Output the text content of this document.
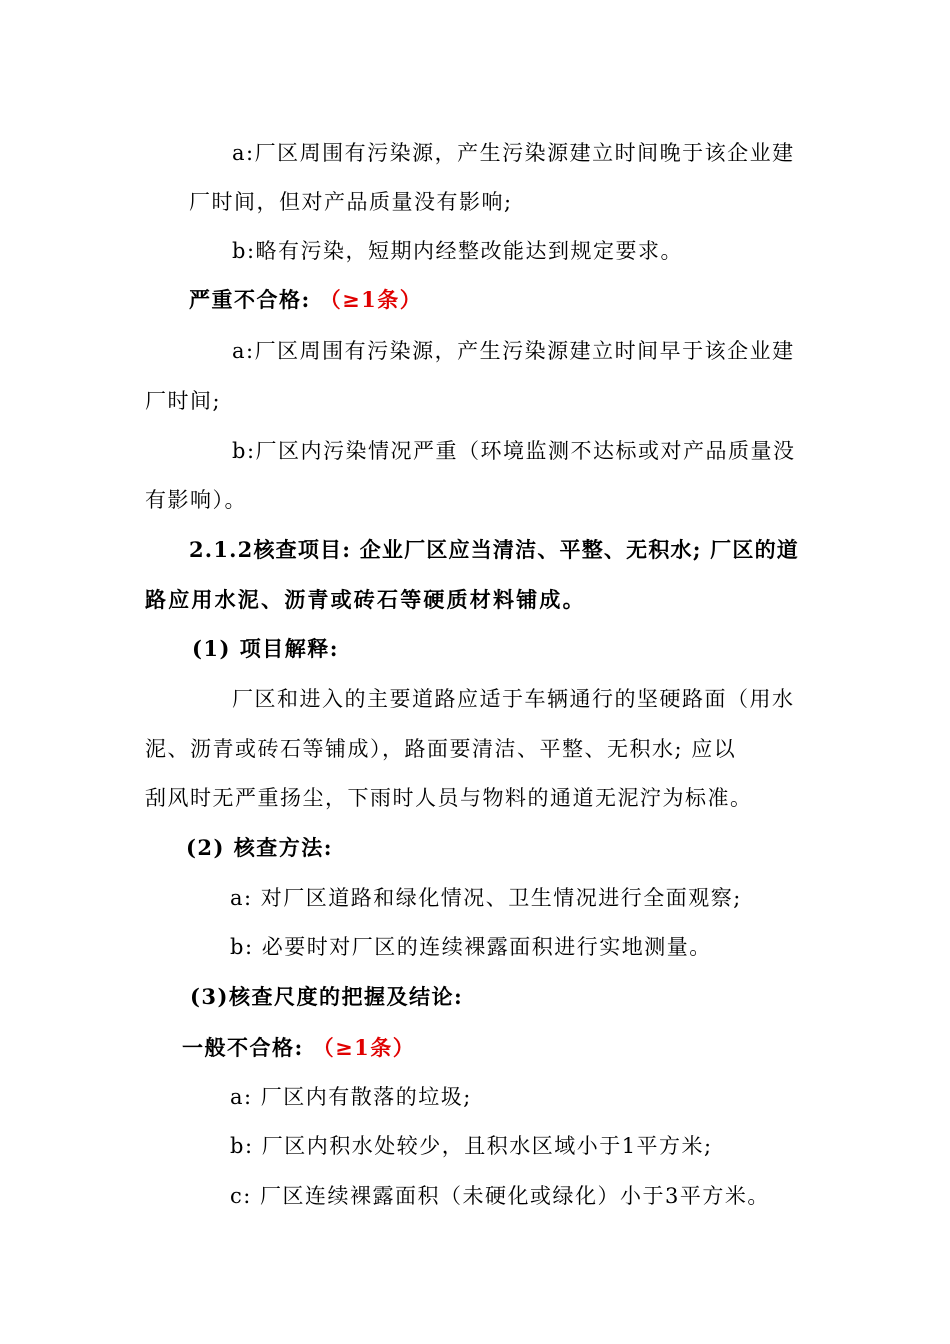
a:厂区周围有污染源，产生污染源建立时间晚于该企业建
厂时间，但对产品质量没有影响;
b:略有污染，短期内经整改能达到规定要求。
严重不合格: （≥1条）
a:厂区周围有污染源，产生污染源建立时间早于该企业建
厂时间;
b:厂区内污染情况严重（环境监测不达标或对产品质量没
有影响）。
2.1.2核查项目: 企业厂区应当清洁、平整、无积水; 厂区的道
路应用水泥、沥青或砖石等硬质材料铺成。
(1) 项目解释:
厂区和进入的主要道路应适于车辆通行的坚硬路面（用水
泥、沥青或砖石等铺成），路面要清洁、平整、无积水; 应以
刮风时无严重扬尘，下雨时人员与物料的通道无泥泞为标准。
(2) 核查方法:
a: 对厂区道路和绿化情况、卫生情况进行全面观察;
b: 必要时对厂区的连续裸露面积进行实地测量。
(3)核查尺度的把握及结论:
一般不合格: （≥1条）
a: 厂区内有散落的垃圾;
b: 厂区内积水处较少，且积水区域小于1平方米;
c: 厂区连续裸露面积（未硬化或绿化）小于3平方米。
